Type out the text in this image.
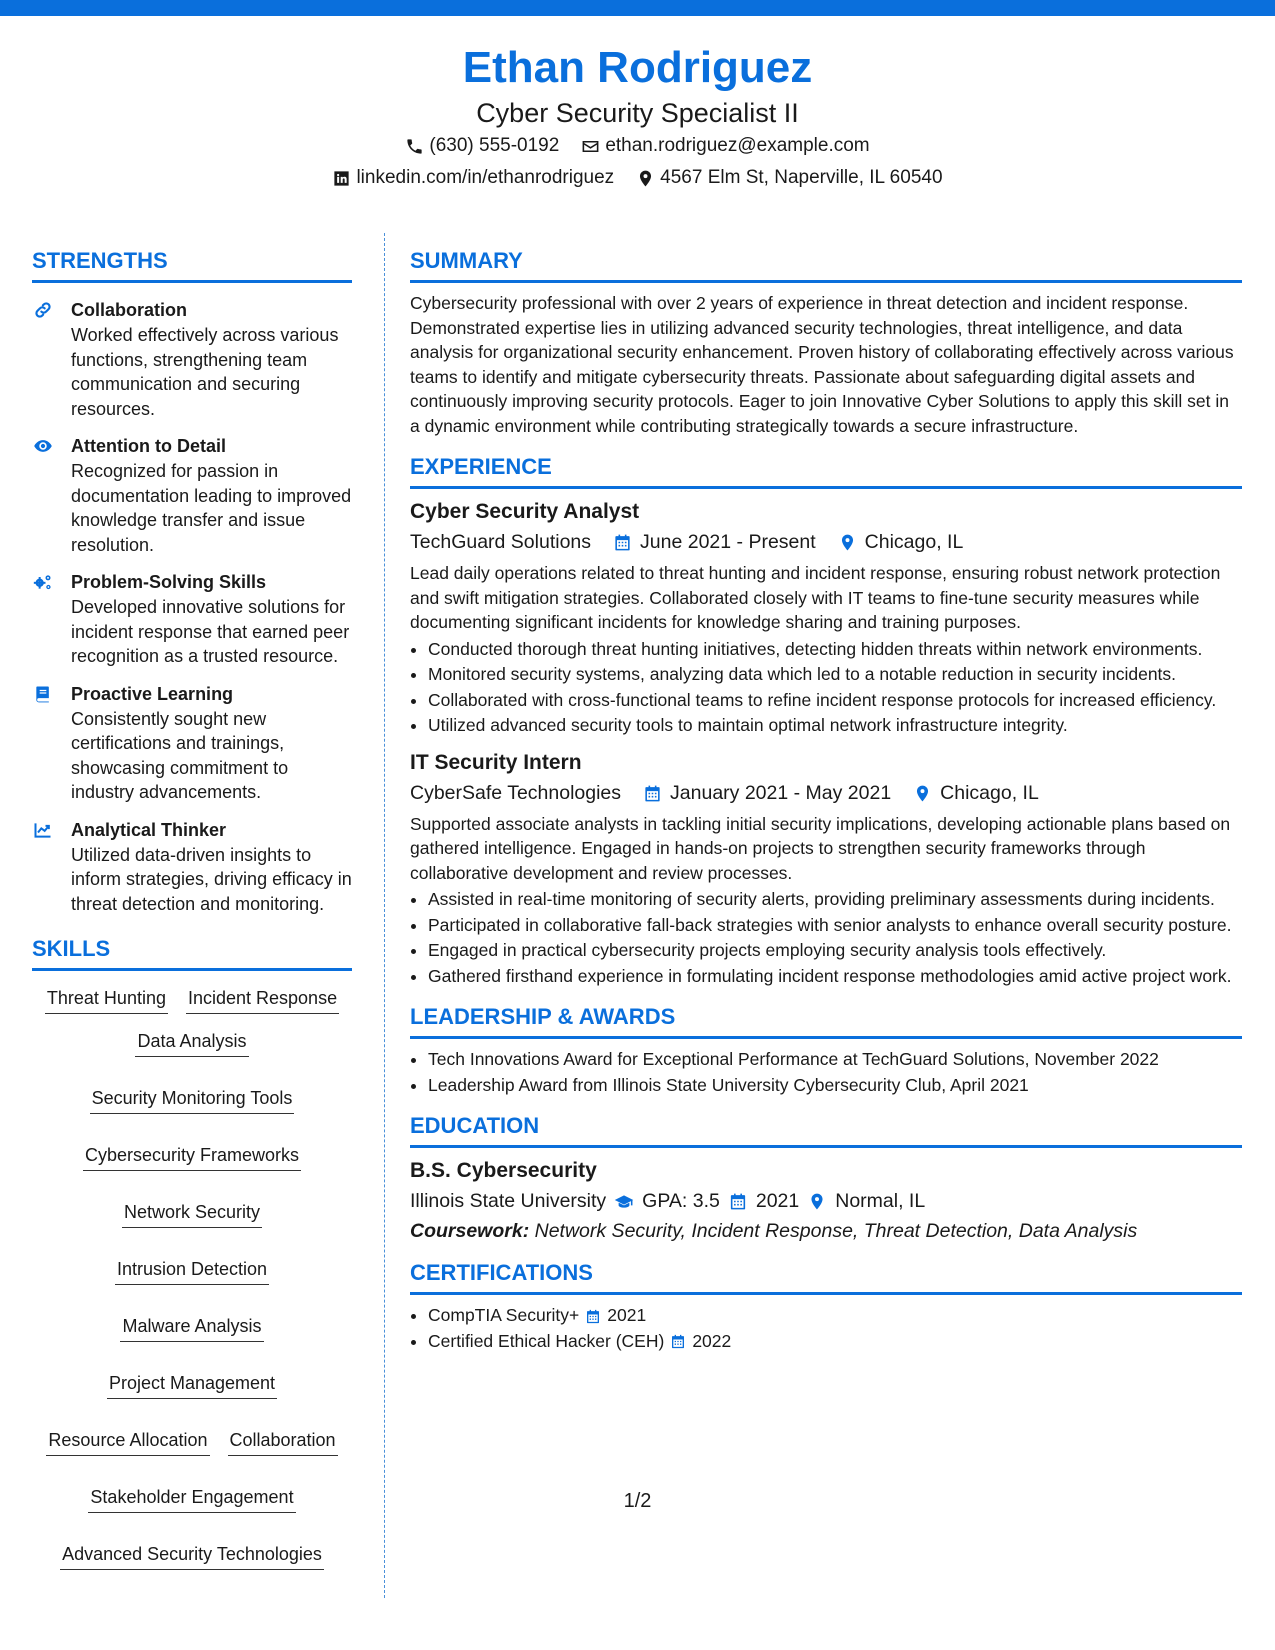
Ethan Rodriguez
Cyber Security Specialist II
(630) 555-0192 ethan.rodriguez@example.com
linkedin.com/in/ethanrodriguez 4567 Elm St, Naperville, IL 60540
STRENGTHS
Collaboration
Worked effectively across various functions, strengthening team communication and securing resources.
Attention to Detail
Recognized for passion in documentation leading to improved knowledge transfer and issue resolution.
Problem-Solving Skills
Developed innovative solutions for incident response that earned peer recognition as a trusted resource.
Proactive Learning
Consistently sought new certifications and trainings, showcasing commitment to industry advancements.
Analytical Thinker
Utilized data-driven insights to inform strategies, driving efficacy in threat detection and monitoring.
SKILLS
Threat Hunting Incident Response
Data Analysis
Security Monitoring Tools
Cybersecurity Frameworks
Network Security
Intrusion Detection
Malware Analysis
Project Management
Resource Allocation Collaboration
Stakeholder Engagement
Advanced Security Technologies
SUMMARY
Cybersecurity professional with over 2 years of experience in threat detection and incident response. Demonstrated expertise lies in utilizing advanced security technologies, threat intelligence, and data analysis for organizational security enhancement. Proven history of collaborating effectively across various teams to identify and mitigate cybersecurity threats. Passionate about safeguarding digital assets and continuously improving security protocols. Eager to join Innovative Cyber Solutions to apply this skill set in a dynamic environment while contributing strategically towards a secure infrastructure.
EXPERIENCE
Cyber Security Analyst
TechGuard Solutions	June 2021 - Present	Chicago, IL
Lead daily operations related to threat hunting and incident response, ensuring robust network protection and swift mitigation strategies. Collaborated closely with IT teams to fine-tune security measures while documenting significant incidents for knowledge sharing and training purposes.
• Conducted thorough threat hunting initiatives, detecting hidden threats within network environments.
• Monitored security systems, analyzing data which led to a notable reduction in security incidents.
• Collaborated with cross-functional teams to refine incident response protocols for increased efficiency.
• Utilized advanced security tools to maintain optimal network infrastructure integrity.
IT Security Intern
CyberSafe Technologies	January 2021 - May 2021	Chicago, IL
Supported associate analysts in tackling initial security implications, developing actionable plans based on gathered intelligence. Engaged in hands-on projects to strengthen security frameworks through collaborative development and review processes.
• Assisted in real-time monitoring of security alerts, providing preliminary assessments during incidents.
• Participated in collaborative fall-back strategies with senior analysts to enhance overall security posture.
• Engaged in practical cybersecurity projects employing security analysis tools effectively.
• Gathered firsthand experience in formulating incident response methodologies amid active project work.
LEADERSHIP & AWARDS
• Tech Innovations Award for Exceptional Performance at TechGuard Solutions, November 2022
• Leadership Award from Illinois State University Cybersecurity Club, April 2021
EDUCATION
B.S. Cybersecurity
Illinois State University GPA: 3.5 2021 Normal, IL
Coursework: Network Security, Incident Response, Threat Detection, Data Analysis
CERTIFICATIONS
• CompTIA Security+ 2021
• Certified Ethical Hacker (CEH) 2022
1/2
